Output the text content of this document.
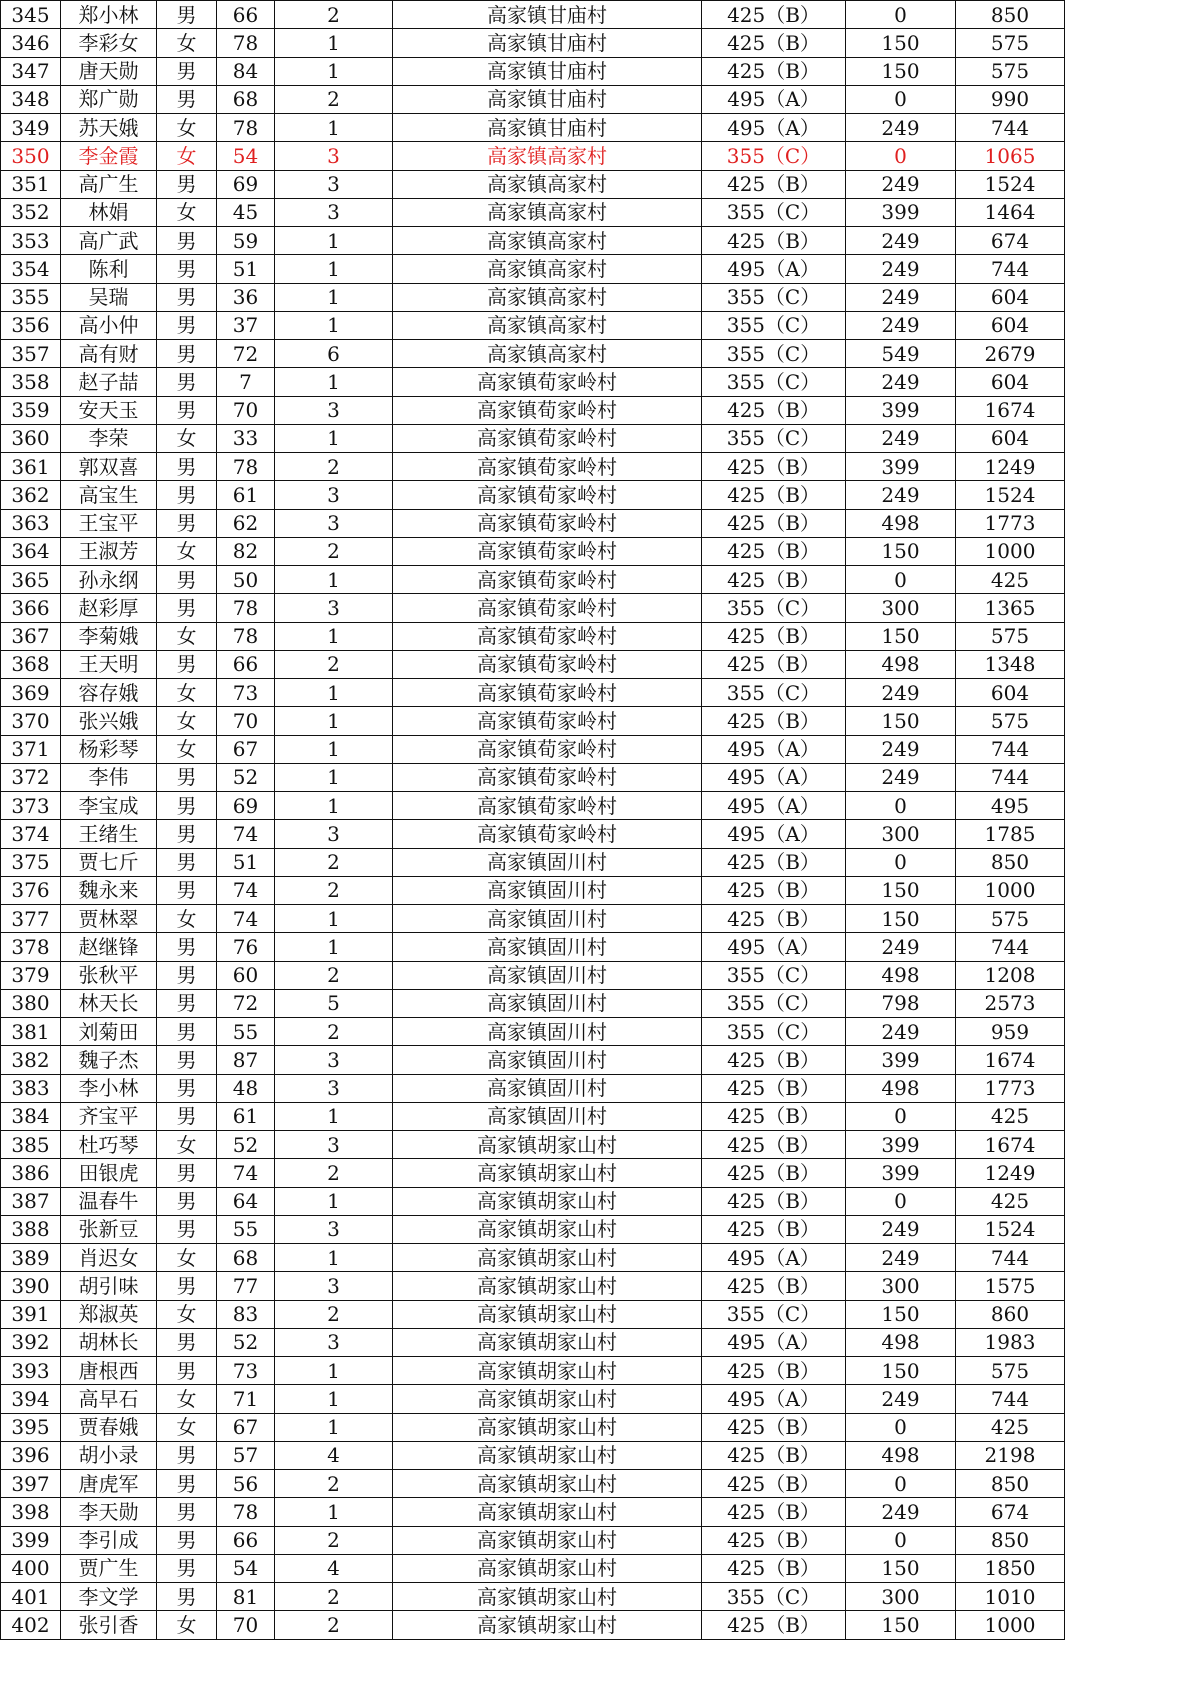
345	郑小林	男	66	2	高家镇甘庙村	425（B）	0	850
346	李彩女	女	78	1	高家镇甘庙村	425（B）	150	575
347	唐天勋	男	84	1	高家镇甘庙村	425（B）	150	575
348	郑广勋	男	68	2	高家镇甘庙村	495（A）	0	990
349	苏天娥	女	78	1	高家镇甘庙村	495（A）	249	744
350	李金霞	女	54	3	高家镇高家村	355（C）	0	1065
351	高广生	男	69	3	高家镇高家村	425（B）	249	1524
352	林娟	女	45	3	高家镇高家村	355（C）	399	1464
353	高广武	男	59	1	高家镇高家村	425（B）	249	674
354	陈利	男	51	1	高家镇高家村	495（A）	249	744
355	吴瑞	男	36	1	高家镇高家村	355（C）	249	604
356	高小仲	男	37	1	高家镇高家村	355（C）	249	604
357	高有财	男	72	6	高家镇高家村	355（C）	549	2679
358	赵子喆	男	7	1	高家镇荀家岭村	355（C）	249	604
359	安天玉	男	70	3	高家镇荀家岭村	425（B）	399	1674
360	李荣	女	33	1	高家镇荀家岭村	355（C）	249	604
361	郭双喜	男	78	2	高家镇荀家岭村	425（B）	399	1249
362	高宝生	男	61	3	高家镇荀家岭村	425（B）	249	1524
363	王宝平	男	62	3	高家镇荀家岭村	425（B）	498	1773
364	王淑芳	女	82	2	高家镇荀家岭村	425（B）	150	1000
365	孙永纲	男	50	1	高家镇荀家岭村	425（B）	0	425
366	赵彩厚	男	78	3	高家镇荀家岭村	355（C）	300	1365
367	李菊娥	女	78	1	高家镇荀家岭村	425（B）	150	575
368	王天明	男	66	2	高家镇荀家岭村	425（B）	498	1348
369	容存娥	女	73	1	高家镇荀家岭村	355（C）	249	604
370	张兴娥	女	70	1	高家镇荀家岭村	425（B）	150	575
371	杨彩琴	女	67	1	高家镇荀家岭村	495（A）	249	744
372	李伟	男	52	1	高家镇荀家岭村	495（A）	249	744
373	李宝成	男	69	1	高家镇荀家岭村	495（A）	0	495
374	王绪生	男	74	3	高家镇荀家岭村	495（A）	300	1785
375	贾七斤	男	51	2	高家镇固川村	425（B）	0	850
376	魏永来	男	74	2	高家镇固川村	425（B）	150	1000
377	贾林翠	女	74	1	高家镇固川村	425（B）	150	575
378	赵继锋	男	76	1	高家镇固川村	495（A）	249	744
379	张秋平	男	60	2	高家镇固川村	355（C）	498	1208
380	林天长	男	72	5	高家镇固川村	355（C）	798	2573
381	刘菊田	男	55	2	高家镇固川村	355（C）	249	959
382	魏子杰	男	87	3	高家镇固川村	425（B）	399	1674
383	李小林	男	48	3	高家镇固川村	425（B）	498	1773
384	齐宝平	男	61	1	高家镇固川村	425（B）	0	425
385	杜巧琴	女	52	3	高家镇胡家山村	425（B）	399	1674
386	田银虎	男	74	2	高家镇胡家山村	425（B）	399	1249
387	温春牛	男	64	1	高家镇胡家山村	425（B）	0	425
388	张新豆	男	55	3	高家镇胡家山村	425（B）	249	1524
389	肖迟女	女	68	1	高家镇胡家山村	495（A）	249	744
390	胡引味	男	77	3	高家镇胡家山村	425（B）	300	1575
391	郑淑英	女	83	2	高家镇胡家山村	355（C）	150	860
392	胡林长	男	52	3	高家镇胡家山村	495（A）	498	1983
393	唐根西	男	73	1	高家镇胡家山村	425（B）	150	575
394	高早石	女	71	1	高家镇胡家山村	495（A）	249	744
395	贾春娥	女	67	1	高家镇胡家山村	425（B）	0	425
396	胡小录	男	57	4	高家镇胡家山村	425（B）	498	2198
397	唐虎军	男	56	2	高家镇胡家山村	425（B）	0	850
398	李天勋	男	78	1	高家镇胡家山村	425（B）	249	674
399	李引成	男	66	2	高家镇胡家山村	425（B）	0	850
400	贾广生	男	54	4	高家镇胡家山村	425（B）	150	1850
401	李文学	男	81	2	高家镇胡家山村	355（C）	300	1010
402	张引香	女	70	2	高家镇胡家山村	425（B）	150	1000
